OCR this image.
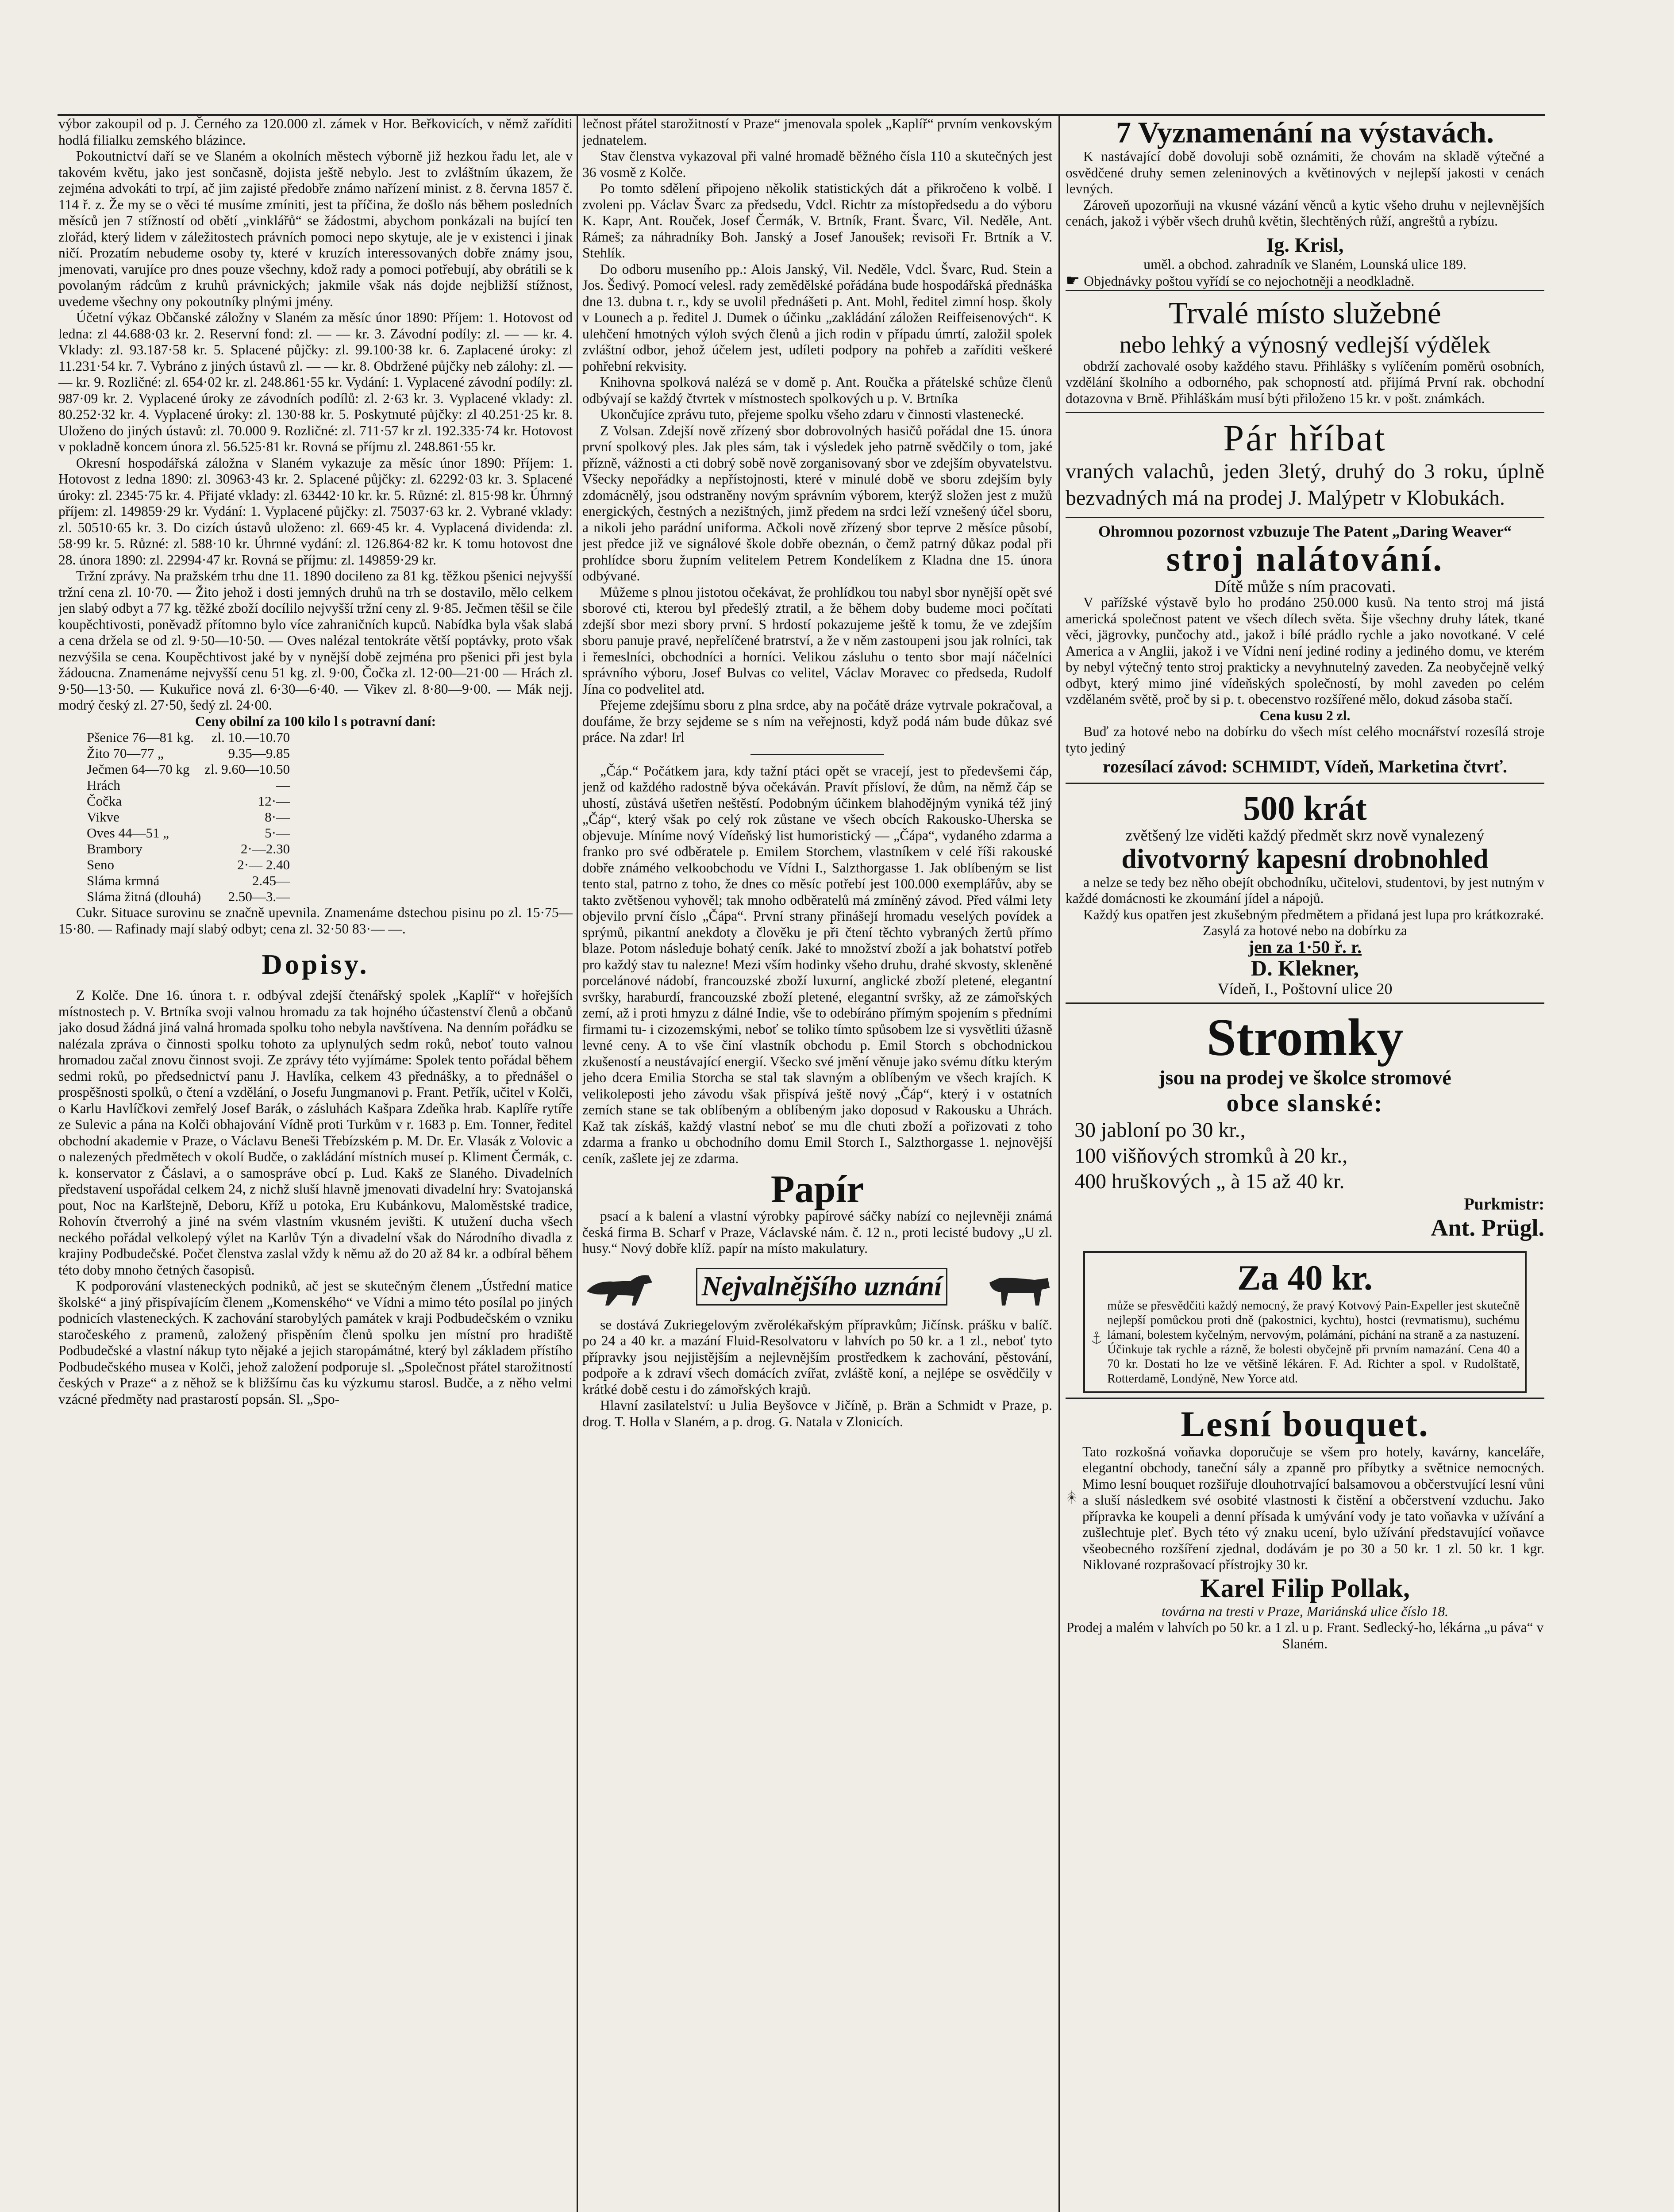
výbor zakoupil od p. J. Černého za 120.000 zl. zámek v Hor. Beřkovicích, v němž zaříditi hodlá filialku zemského blázince.

Pokoutnictví daří se ve Slaném a okolních městech výborně již hezkou řadu let, ale v takovém květu, jako jest sončasně, dojista ještě nebylo. Jest to zvláštním úkazem, že zejména advokáti to trpí, ač jim zajisté předobře známo nařízení minist. z 8. června 1857 č. 114 ř. z. Že my se o věci té musíme zmíniti, jest ta příčina, že došlo nás během posledních měsíců jen 7 stížností od obětí „vinklářů“ se žádostmi, abychom ponkázali na bující ten zlořád, který lidem v záležitostech právních pomoci nepo skytuje, ale je v existenci i jinak ničí. Prozatím nebudeme osoby ty, které v kruzích interessovaných dobře známy jsou, jmenovati, varujíce pro dnes pouze všechny, kdož rady a pomoci potřebují, aby obrátili se k povolaným rádcům z kruhů právnických; jakmile však nás dojde nejbližší stížnost, uvedeme všechny ony pokoutníky plnými jmény.

Účetní výkaz Občanské záložny v Slaném za měsíc únor 1890: Příjem: 1. Hotovost od ledna: zl 44.688·03 kr. 2. Reservní fond: zl. — — kr. 3. Závodní podíly: zl. — — kr. 4. Vklady: zl. 93.187·58 kr. 5. Splacené půjčky: zl. 99.100·38 kr. 6. Zaplacené úroky: zl 11.231·54 kr. 7. Vybráno z jiných ústavů zl. — — kr. 8. Obdržené půjčky neb zálohy: zl. — — kr. 9. Rozličné: zl. 654·02 kr. zl. 248.861·55 kr. Vydání: 1. Vyplacené závodní podíly: zl. 987·09 kr. 2. Vyplacené úroky ze závodních podílů: zl. 2·63 kr. 3. Vyplacené vklady: zl. 80.252·32 kr. 4. Vyplacené úroky: zl. 130·88 kr. 5. Poskytnuté půjčky: zl 40.251·25 kr. 8. Uloženo do jiných ústavů: zl. 70.000 9. Rozličné: zl. 711·57 kr zl. 192.335·74 kr. Hotovost v pokladně koncem února zl. 56.525·81 kr. Rovná se příjmu zl. 248.861·55 kr.

Okresní hospodářská záložna v Slaném vykazuje za měsíc únor 1890: Příjem: 1. Hotovost z ledna 1890: zl. 30963·43 kr. 2. Splacené půjčky: zl. 62292·03 kr. 3. Splacené úroky: zl. 2345·75 kr. 4. Přijaté vklady: zl. 63442·10 kr. kr. 5. Různé: zl. 815·98 kr. Úhrnný příjem: zl. 149859·29 kr. Vydání: 1. Vyplacené půjčky: zl. 75037·63 kr. 2. Vybrané vklady: zl. 50510·65 kr. 3. Do cizích ústavů uloženo: zl. 669·45 kr. 4. Vyplacená dividenda: zl. 58·99 kr. 5. Různé: zl. 588·10 kr. Úhrnné vydání: zl. 126.864·82 kr. K tomu hotovost dne 28. února 1890: zl. 22994·47 kr. Rovná se příjmu: zl. 149859·29 kr.

Tržní zprávy. Na pražském trhu dne 11. 1890 docileno za 81 kg. těžkou pšenici nejvyšší tržní cena zl. 10·70. — Žito jehož i dosti jemných druhů na trh se dostavilo, mělo celkem jen slabý odbyt a 77 kg. těžké zboží docílilo nejvyšší tržní ceny zl. 9·85. Ječmen těšil se čile koupěchtivosti, poněvadž přítomno bylo více zahraničních kupců. Nabídka byla však slabá a cena držela se od zl. 9·50—10·50. — Oves nalézal tentokráte větší poptávky, proto však nezvýšila se cena. Koupěchtivost jaké by v nynější době zejména pro pšenici při jest byla žádoucna. Znamenáme nejvyšší cenu 51 kg. zl. 9·00, Čočka zl. 12·00—21·00 — Hrách zl. 9·50—13·50. — Kukuřice nová zl. 6·30—6·40. — Vikev zl. 8·80—9·00. — Mák nejj. modrý český zl. 27·50, šedý zl. 24·00.

Ceny obilní za 100 kilo l s potravní daní:

Pšenice 76—81 kg.	zl. 10.—10.70
Žito 70—77 „	9.35—9.85
Ječmen 64—70 kg	zl. 9.60—10.50
Hrách	—
Čočka	12·—
Vikve	8·—
Oves 44—51 „	5·—
Brambory	2·—2.30
Seno	2·— 2.40
Sláma krmná	2.45—
Sláma žitná (dlouhá)	2.50—3.—

Cukr. Situace surovinu se značně upevnila. Znamenáme dstechou pisinu po zl. 15·75—15·80. — Rafinady mají slabý odbyt; cena zl. 32·50 83·— —.

Dopisy.

Z Kolče. Dne 16. února t. r. odbýval zdejší čtenářský spolek „Kaplíř“ v hořejších místnostech p. V. Brtníka svoji valnou hromadu za tak hojného účastenství členů a občanů jako dosud žádná jiná valná hromada spolku toho nebyla navštívena. Na denním pořádku se nalézala zpráva o činnosti spolku tohoto za uplynulých sedm roků, neboť touto valnou hromadou začal znovu činnost svoji. Ze zprávy této vyjímáme: Spolek tento pořádal během sedmi roků, po předsednictví panu J. Havlíka, celkem 43 přednášky, a to přednášel o prospěšnosti spolků, o čtení a vzdělání, o Josefu Jungmanovi p. Frant. Petřík, učitel v Kolči, o Karlu Havlíčkovi zemřelý Josef Barák, o zásluhách Kašpara Zdeňka hrab. Kaplíře rytíře ze Sulevic a pána na Kolči obhajování Vídně proti Turkům v r. 1683 p. Em. Tonner, ředitel obchodní akademie v Praze, o Václavu Beneši Třebízském p. M. Dr. Er. Vlasák z Volovic a o nalezených předmětech v okolí Budče, o zakládání místních museí p. Kliment Čermák, c. k. konservator z Čáslavi, a o samospráve obcí p. Lud. Kakš ze Slaného. Divadelních představení uspořádal celkem 24, z nichž sluší hlavně jmenovati divadelní hry: Svatojanská pout, Noc na Karlštejně, Deboru, Kříž u potoka, Eru Kubánkovu, Maloměstské tradice, Rohovín čtverrohý a jiné na svém vlastním vkusném jevišti. K utužení ducha všech neckého pořádal velkolepý výlet na Karlův Týn a divadelní však do Národního divadla z krajiny Podbudečské. Počet členstva zaslal vždy k němu až do 20 až 84 kr. a odbíral během této doby mnoho četných časopisů.

K podporování vlasteneckých podniků, ač jest se skutečným členem „Ústřední matice školské“ a jiný přispívajícím členem „Komenského“ ve Vídni a mimo této posílal po jiných podnicích vlasteneckých. K zachování starobylých památek v kraji Podbudečském o vzniku staročeského z pramenů, založený přispěním členů spolku jen místní pro hradiště Podbudečské a vlastní nákup tyto nějaké a jejich staropámátné, který byl základem přístího Podbudečského musea v Kolči, jehož založení podporuje sl. „Společnost přátel starožitností českých v Praze“ a z něhož se k bližšímu čas ku výzkumu starosl. Budče, a z něho velmi vzácné předměty nad prastarostí popsán. Sl. „Spo-

lečnost přátel starožitností v Praze“ jmenovala spolek „Kaplíř“ prvním venkovským jednatelem.

Stav členstva vykazoval při valné hromadě běžného čísla 110 a skutečných jest 36 vosmě z Kolče.

Po tomto sdělení připojeno několik statistických dát a přikročeno k volbě. I zvoleni pp. Václav Švarc za předsedu, Vdcl. Richtr za místopředsedu a do výboru K. Kapr, Ant. Rouček, Josef Čermák, V. Brtník, Frant. Švarc, Vil. Neděle, Ant. Rámeš; za náhradníky Boh. Janský a Josef Janoušek; revisoři Fr. Brtník a V. Stehlík.

Do odboru museního pp.: Alois Janský, Vil. Neděle, Vdcl. Švarc, Rud. Stein a Jos. Šedivý. Pomocí velesl. rady zemědělské pořádána bude hospodářská přednáška dne 13. dubna t. r., kdy se uvolil přednášeti p. Ant. Mohl, ředitel zimní hosp. školy v Lounech a p. ředitel J. Dumek o účinku „zakládání záložen Reiffeisenových“. K ulehčení hmotných výloh svých členů a jich rodin v případu úmrtí, založil spolek zvláštní odbor, jehož účelem jest, udíleti podpory na pohřeb a zaříditi veškeré pohřební rekvisity.

Knihovna spolková nalézá se v domě p. Ant. Roučka a přátelské schůze členů odbývají se každý čtvrtek v místnostech spolkových u p. V. Brtníka

Ukončujíce zprávu tuto, přejeme spolku všeho zdaru v činnosti vlastenecké.

Z Volsan. Zdejší nově zřízený sbor dobrovolných hasičů pořádal dne 15. února první spolkový ples. Jak ples sám, tak i výsledek jeho patrně svědčily o tom, jaké přízně, vážnosti a cti dobrý sobě nově zorganisovaný sbor ve zdejším obyvatelstvu. Všecky nepořádky a nepřístojnosti, které v minulé době ve sboru zdejším byly zdomácnělý, jsou odstraněny novým správním výborem, kterýž složen jest z mužů energických, čestných a nezištných, jimž předem na srdci leží vznešený účel sboru, a nikoli jeho parádní uniforma. Ačkoli nově zřízený sbor teprve 2 měsíce působí, jest předce již ve signálové škole dobře obeznán, o čemž patrný důkaz podal při prohlídce sboru župním velitelem Petrem Kondelíkem z Kladna dne 15. února odbývané.

Můžeme s plnou jistotou očekávat, že prohlídkou tou nabyl sbor nynější opět své sborové cti, kterou byl předešlý ztratil, a že během doby budeme moci počítati zdejší sbor mezi sbory první. S hrdostí pokazujeme ještě k tomu, že ve zdejším sboru panuje pravé, nepřelíčené bratrství, a že v něm zastoupeni jsou jak rolníci, tak i řemeslníci, obchodníci a horníci. Velikou zásluhu o tento sbor mají náčelníci správního výboru, Josef Bulvas co velitel, Václav Moravec co předseda, Rudolf Jína co podvelitel atd.

Přejeme zdejšímu sboru z plna srdce, aby na počátě dráze vytrvale pokračoval, a doufáme, že brzy sejdeme se s ním na veřejnosti, když podá nám bude důkaz své práce. Na zdar! Irl

„Čáp.“ Počátkem jara, kdy tažní ptáci opět se vracejí, jest to předevšemi čáp, jenž od každého radostně býva očekáván. Pravít přísloví, že dům, na němž čáp se uhostí, zůstává ušetřen neštěstí. Podobným účinkem blahodějným vyniká též jiný „Čáp“, který však po celý rok zůstane ve všech obcích Rakousko-Uherska se objevuje. Míníme nový Vídeňský list humoristický — „Čápa“, vydaného zdarma a franko pro své odběratele p. Emilem Storchem, vlastníkem v celé říši rakouské dobře známého velkoobchodu ve Vídni I., Salzthorgasse 1. Jak oblíbeným se list tento stal, patrno z toho, že dnes co měsíc potřebí jest 100.000 exemplářův, aby se takto zvětšenou vyhověl; tak mnoho odběratelů má zmíněný závod. Před válmi lety objevilo první číslo „Čápa“. První strany přinášejí hromadu veselých povídek a sprýmů, pikantní anekdoty a člověku je při čtení těchto vybraných žertů přímo blaze. Potom následuje bohatý ceník. Jaké to množství zboží a jak bohatství potřeb pro každý stav tu nalezne! Mezi vším hodinky všeho druhu, drahé skvosty, skleněné porcelánové nádobí, francouzské zboží luxurní, anglické zboží pletené, elegantní svršky, haraburdí, francouzské zboží pletené, elegantní svršky, až ze zámořských zemí, až i proti hmyzu z dálné Indie, vše to odebíráno přímým spojením s předními firmami tu- i cizozemskými, neboť se toliko tímto spůsobem lze si vysvětliti úžasně levné ceny. A to vše činí vlastník obchodu p. Emil Storch s obchodnickou zkušeností a neustávající energií. Všecko své jmění věnuje jako svému dítku kterým jeho dcera Emilia Storcha se stal tak slavným a oblíbeným ve všech krajích. K velikoleposti jeho závodu však přispívá ještě nový „Čáp“, který i v ostatních zemích stane se tak oblíbeným a oblíbeným jako doposud v Rakousku a Uhrách. Kaž tak získáš, každý vlastní neboť se mu dle chuti zboží a pořizovati z toho zdarma a franko u obchodního domu Emil Storch I., Salzthorgasse 1. nejnovější ceník, zašlete jej ze zdarma.

Papír

psací a k balení a vlastní výrobky papírové sáčky nabízí co nejlevněji známá česká firma B. Scharf v Praze, Václavské nám. č. 12 n., proti lecisté budovy „U zl. husy.“ Nový dobře klíž. papír na místo makulatury.

Nejvalnějšího uznání

se dostává Zukriegelovým zvěrolékařským přípravkům; Jičínsk. prášku v balíč. po 24 a 40 kr. a mazání Fluid-Resolvatoru v lahvích po 50 kr. a 1 zl., neboť tyto přípravky jsou nejjistějším a nejlevnějším prostředkem k zachování, pěstování, podpoře a k zdraví všech domácích zvířat, zvláště koní, a nejlépe se osvědčily v krátké době cestu i do zámořských krajů.

Hlavní zasilatelství: u Julia Beyšovce v Jičíně, p. Brän a Schmidt v Praze, p. drog. T. Holla v Slaném, a p. drog. G. Natala v Zlonicích.

7 Vyznamenání na výstavách.

K nastávající době dovoluji sobě oznámiti, že chovám na skladě výtečné a osvědčené druhy semen zeleninových a květinových v nejlepší jakosti v cenách levných.

Zároveň upozorňuji na vkusné vázání věnců a kytic všeho druhu v nejlevnějších cenách, jakož i výběr všech druhů květin, šlechtěných růží, angreštů a rybízu.

Ig. Krisl,

uměl. a obchod. zahradník ve Slaném, Lounská ulice 189.

☛ Objednávky poštou vyřídí se co nejochotněji a neodkladně.

Trvalé místo služebné
nebo lehký a výnosný vedlejší výdělek

obdrží zachovalé osoby každého stavu. Přihlášky s vylíčením poměrů osobních, vzdělání školního a odborného, pak schopností atd. přijímá První rak. obchodní dotazovna v Brně. Přihláškám musí býti přiloženo 15 kr. v pošt. známkách.

Pár hříbat

vraných valachů, jeden 3letý, druhý do 3 roku, úplně bezvadných má na prodej J. Malýpetr v Klobukách.

Ohromnou pozornost vzbuzuje The Patent „Daring Weaver“

stroj nalátování.

Dítě může s ním pracovati.

V pařížské výstavě bylo ho prodáno 250.000 kusů. Na tento stroj má jistá americká společnost patent ve všech dílech světa. Šije všechny druhy látek, tkané věci, jägrovky, punčochy atd., jakož i bílé prádlo rychle a jako novotkané. V celé America a v Anglii, jakož i ve Vídni není jediné rodiny a jediného domu, ve kterém by nebyl výtečný tento stroj prakticky a nevyhnutelný zaveden. Za neobyčejně velký odbyt, který mimo jiné vídeňských společností, by mohl zaveden po celém vzdělaném světě, proč by si p. t. obecenstvo rozšířené mělo, dokud zásoba stačí.

Cena kusu 2 zl.

Buď za hotové nebo na dobírku do všech míst celého mocnářství rozesílá stroje tyto jediný

rozesílací závod: SCHMIDT, Vídeň, Marketina čtvrť.

500 krát

zvětšený lze viděti každý předmět skrz nově vynalezený

divotvorný kapesní drobnohled

a nelze se tedy bez něho obejít obchodníku, učitelovi, studentovi, by jest nutným v každé domácnosti ke zkoumání jídel a nápojů.

Každý kus opatřen jest zkušebným předmětem a přidaná jest lupa pro krátkozraké.

Zasylá za hotové nebo na dobírku za

jen za 1·50 ř. r.

D. Klekner,

Vídeň, I., Poštovní ulice 20

Stromky
jsou na prodej ve školce stromové
obce slanské:
30 jabloní po 30 kr.,
100 višňových stromků à 20 kr.,
400 hruškových „ à 15 až 40 kr.
Purkmistr:
Ant. Prügl.
Za 40 kr.

může se přesvědčiti každý nemocný, že pravý Kotvový Pain-Expeller jest skutečně nejlepší pomůckou proti dně (pakostnici, kychtu), hostci (revmatismu), suchému lámaní, bolestem kyčelným, nervovým, polámání, píchání na straně a za nastuzení. Účinkuje tak rychle a rázně, že bolesti obyčejně při prvním namazání. Cena 40 a 70 kr. Dostati ho lze ve většině lékáren. F. Ad. Richter a spol. v Rudolštatě, Rotterdamě, Londýně, New Yorce atd.

Lesní bouquet.

Tato rozkošná voňavka doporučuje se všem pro hotely, kavárny, kanceláře, elegantní obchody, taneční sály a zpanně pro příbytky a světnice nemocných. Mimo lesní bouquet rozšiřuje dlouhotrvající balsamovou a občerstvující lesní vůni a sluší následkem své osobité vlastnosti k čistění a občerstvení vzduchu. Jako přípravka ke koupeli a denní přísada k umývání vody je tato voňavka v užívání a zušlechtuje pleť. Bych této vý znaku ucení, bylo užívání představující voňavce všeobecného rozšíření zjednal, dodávám je po 30 a 50 kr. 1 zl. 50 kr. 1 kgr. Niklované rozprašovací přístrojky 30 kr.

Karel Filip Pollak,

továrna na tresti v Praze, Mariánská ulice číslo 18.

Prodej a malém v lahvích po 50 kr. a 1 zl. u p. Frant. Sedlecký-ho, lékárna „u páva“ v Slaném.
